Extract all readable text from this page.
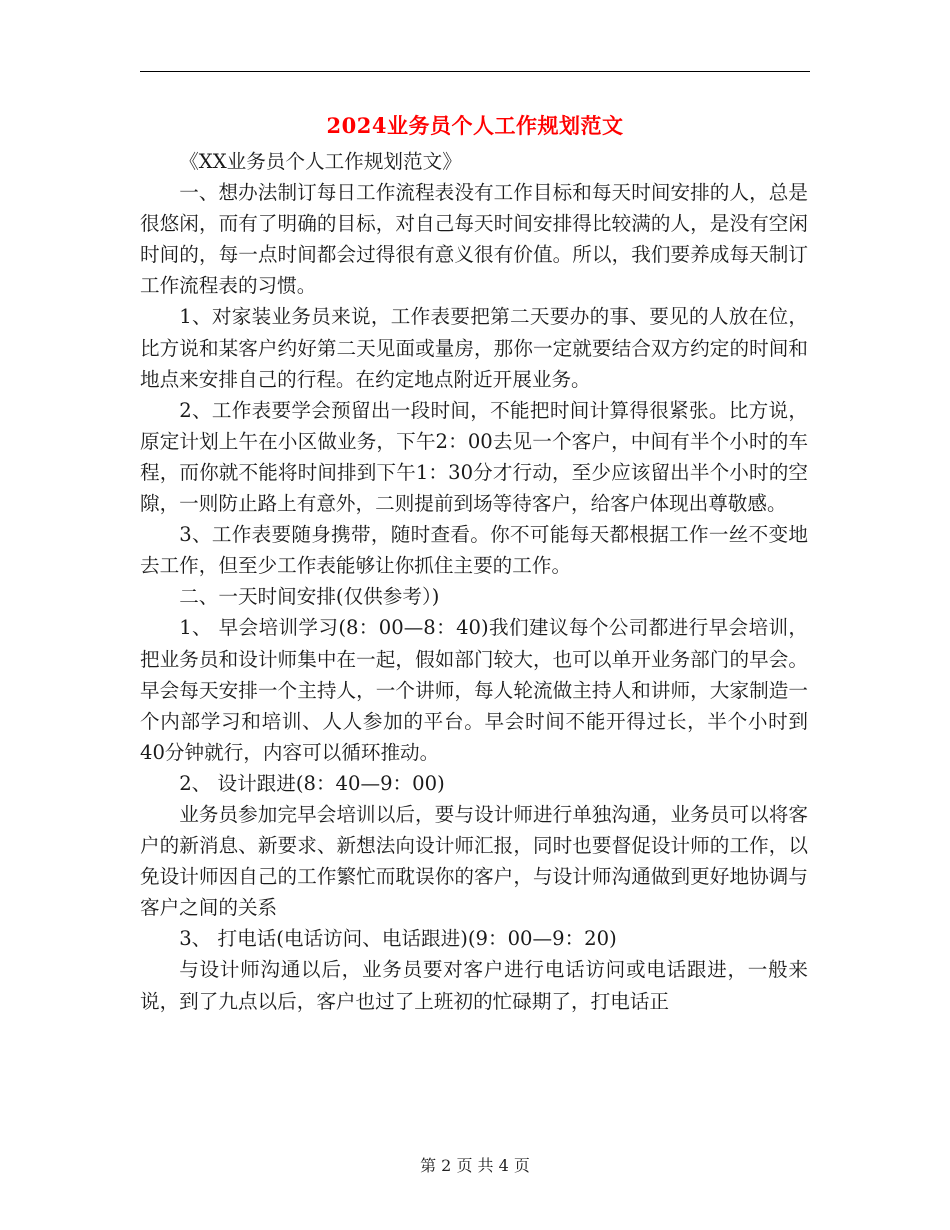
2024业务员个人工作规划范文

《XX业务员个人工作规划范文》

一、想办法制订每日工作流程表没有工作目标和每天时间安排的人，总是很悠闲，而有了明确的目标，对自己每天时间安排得比较满的人，是没有空闲时间的，每一点时间都会过得很有意义很有价值。所以，我们要养成每天制订工作流程表的习惯。

1、对家装业务员来说，工作表要把第二天要办的事、要见的人放在位，比方说和某客户约好第二天见面或量房，那你一定就要结合双方约定的时间和地点来安排自己的行程。在约定地点附近开展业务。

2、工作表要学会预留出一段时间，不能把时间计算得很紧张。比方说，原定计划上午在小区做业务，下午2：00去见一个客户，中间有半个小时的车程，而你就不能将时间排到下午1：30分才行动，至少应该留出半个小时的空隙，一则防止路上有意外，二则提前到场等待客户，给客户体现出尊敬感。

3、工作表要随身携带，随时查看。你不可能每天都根据工作一丝不变地去工作，但至少工作表能够让你抓住主要的工作。

二、一天时间安排(仅供参考）)

1、 早会培训学习(8：00—8：40)我们建议每个公司都进行早会培训，把业务员和设计师集中在一起，假如部门较大，也可以单开业务部门的早会。早会每天安排一个主持人，一个讲师，每人轮流做主持人和讲师，大家制造一个内部学习和培训、人人参加的平台。早会时间不能开得过长，半个小时到40分钟就行，内容可以循环推动。

2、 设计跟进(8：40—9：00)

业务员参加完早会培训以后，要与设计师进行单独沟通，业务员可以将客户的新消息、新要求、新想法向设计师汇报，同时也要督促设计师的工作，以免设计师因自己的工作繁忙而耽误你的客户，与设计师沟通做到更好地协调与客户之间的关系

3、 打电话(电话访问、电话跟进)(9：00—9：20)

与设计师沟通以后，业务员要对客户进行电话访问或电话跟进，一般来说，到了九点以后，客户也过了上班初的忙碌期了，打电话正

第 2 页 共 4 页
